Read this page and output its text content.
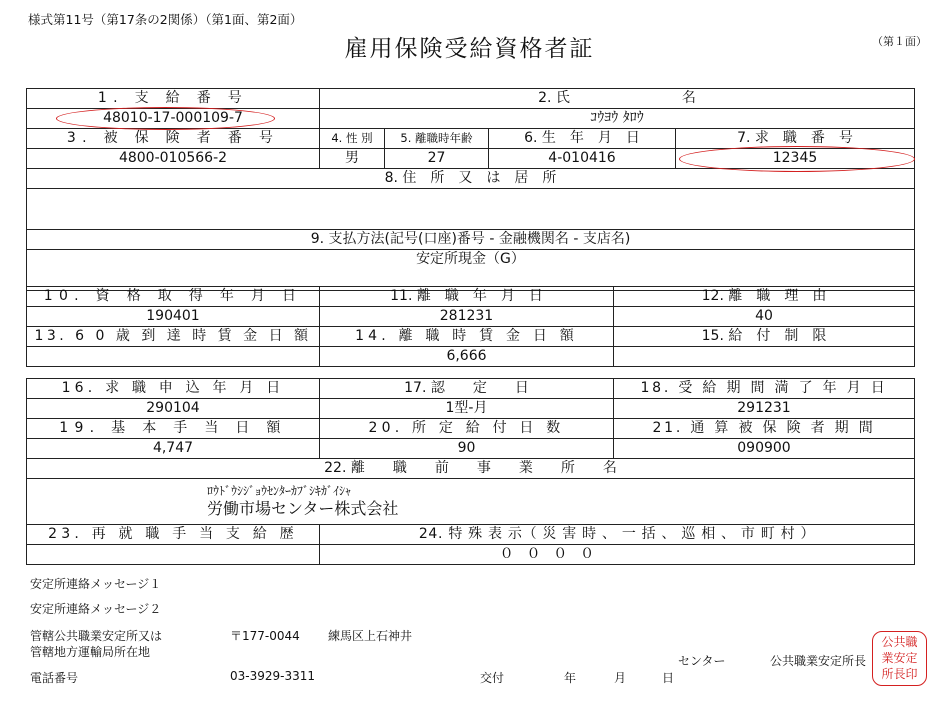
様式第11号（第17条の2関係）（第1面、第2面）
雇用保険受給資格者証	（第１面）
1. 支 給 番 号	2. 氏　　　　　　　　名			
48010-17-000109-7	ｺｳﾖｳ ﾀﾛｳ			
3. 被 保 険 者 番 号	4. 性 別	5. 離職時年齢	6. 生　年　月　日	7. 求　職　番　号
4800-010566-2	男	27	4-010416	12345
8. 住　所　又　は　居　所				

9. 支払方法(記号(口座)番号 - 金融機関名 - 支店名)				
安定所現金（G）				
10. 資 格 取 得 年 月 日	11. 離　職　年　月　日	12. 離　職　理　由
190401	281231	40
13. 6 0 歳 到 達 時 賃 金 日 額	14. 離 職 時 賃 金 日 額	15. 給　付　制　限
	6,666	
16. 求 職 申 込 年 月 日	17. 認　　定　　日	18. 受 給 期 間 満 了 年 月 日
290104	1型-月	291231
19. 基 本 手 当 日 額	20. 所 定 給 付 日 数	21. 通 算 被 保 険 者 期 間
4,747	90	090900
22. 離　　職　　前　　事　　業　　所　　名		

ﾛｳﾄﾞｳｼｼﾞｮｳｾﾝﾀｰｶﾌﾞｼｷｶﾞｲｼｬ
労働市場センター株式会社		

23. 再 就 職 手 当 支 給 歴	24. 特 殊 表 示（ 災 害 時 、 一 括 、 巡 相 、 市 町 村 ）	
	０ ０ ０ ０	
安定所連絡メッセージ１
安定所連絡メッセージ２
管轄公共職業安定所又は
管轄地方運輸局所在地
〒177-0044 練馬区上石神井
電話番号	03-3929-3311	交付	年	月	日
センター	公共職業安定所長
公共職
業安定
所長印
